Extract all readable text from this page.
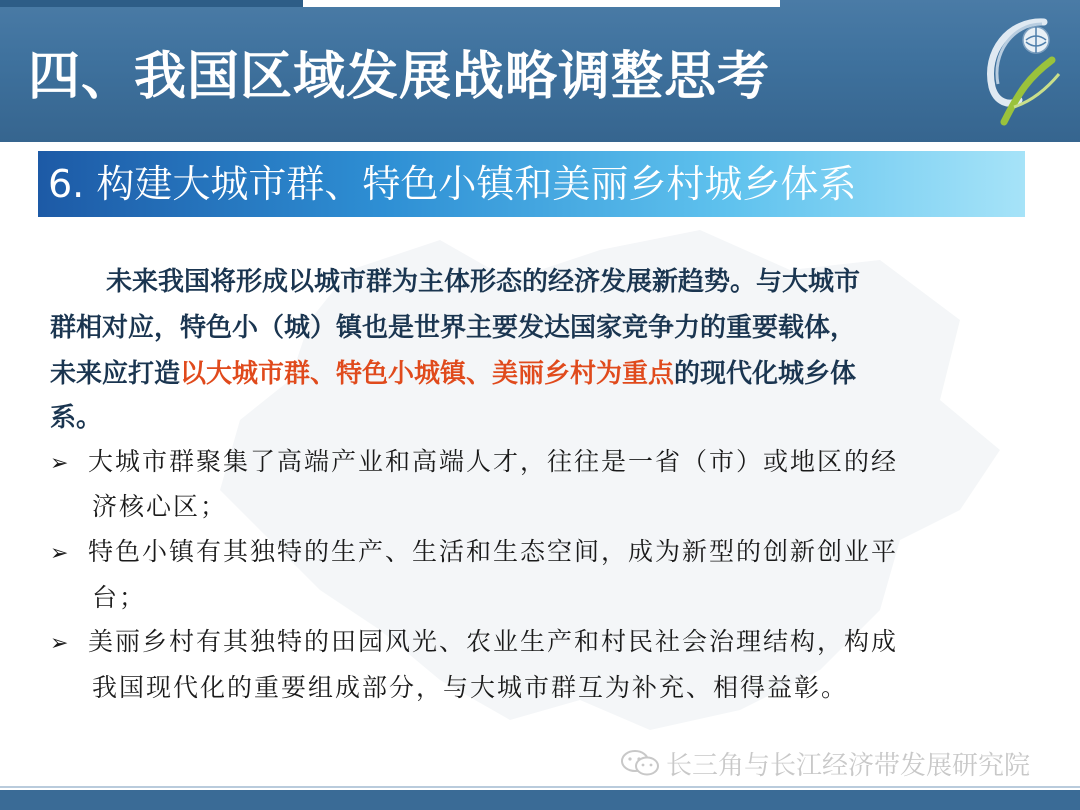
四、我国区域发展战略调整思考
6. 构建大城市群、特色小镇和美丽乡村城乡体系
未来我国将形成以城市群为主体形态的经济发展新趋势。与大城市
群相对应，特色小（城）镇也是世界主要发达国家竞争力的重要载体，
未来应打造以大城市群、特色小城镇、美丽乡村为重点的现代化城乡体
系。
➢ 大城市群聚集了高端产业和高端人才，往往是一省（市）或地区的经
济核心区；
➢ 特色小镇有其独特的生产、生活和生态空间，成为新型的创新创业平
台；
➢ 美丽乡村有其独特的田园风光、农业生产和村民社会治理结构，构成
我国现代化的重要组成部分，与大城市群互为补充、相得益彰。
长三角与长江经济带发展研究院
